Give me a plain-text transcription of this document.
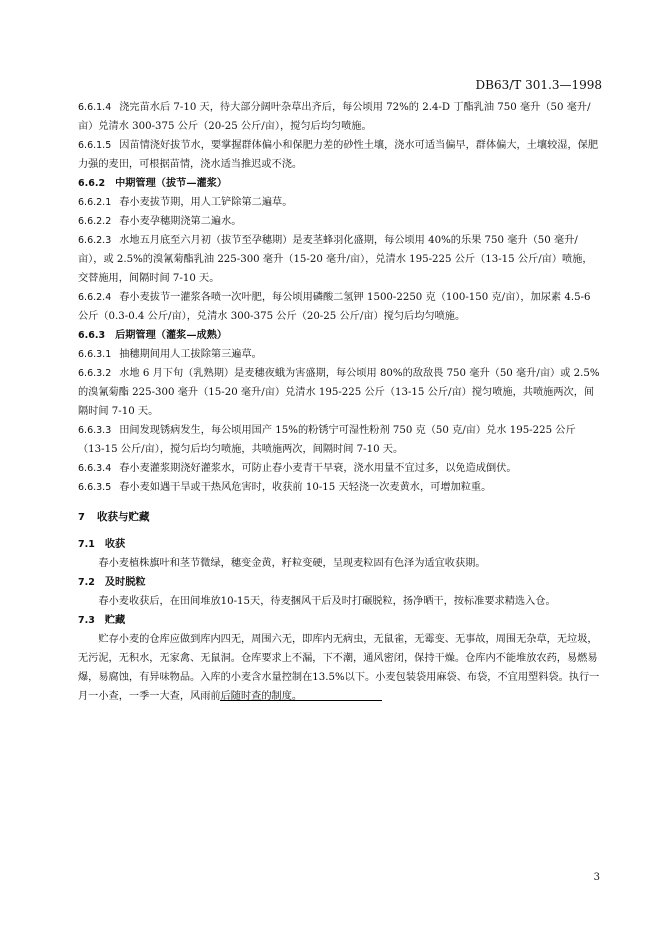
DB63/T 301.3—1998

6.6.1.4 浇完苗水后 7-10 天，待大部分阔叶杂草出齐后，每公顷用 72%的 2.4-D 丁酯乳油 750 毫升（50 毫升/亩）兑清水 300-375 公斤（20-25 公斤/亩），搅匀后均匀喷施。

6.6.1.5 因苗情浇好拔节水，要掌握群体偏小和保肥力差的砂性土壤，浇水可适当偏早，群体偏大，土壤较湿，保肥力强的麦田，可根据苗情，浇水适当推迟或不浇。

6.6.2 中期管理（拔节—灌浆）

6.6.2.1 春小麦拔节期，用人工铲除第二遍草。

6.6.2.2 春小麦孕穗期浇第二遍水。

6.6.2.3 水地五月底至六月初（拔节至孕穗期）是麦茎蜂羽化盛期，每公顷用 40%的乐果 750 毫升（50 毫升/亩），或 2.5%的溴氰菊酯乳油 225-300 毫升（15-20 毫升/亩），兑清水 195-225 公斤（13-15 公斤/亩）喷施，交替施用，间隔时间 7-10 天。

6.6.2.4 春小麦拔节一灌浆各喷一次叶肥，每公顷用磷酸二氢钾 1500-2250 克（100-150 克/亩），加尿素 4.5-6 公斤（0.3-0.4 公斤/亩），兑清水 300-375 公斤（20-25 公斤/亩）搅匀后均匀喷施。

6.6.3 后期管理（灌浆—成熟）

6.6.3.1 抽穗期间用人工拔除第三遍草。

6.6.3.2 水地 6 月下旬（乳熟期）是麦穗夜蛾为害盛期，每公顷用 80%的敌敌畏 750 毫升（50 毫升/亩）或 2.5%的溴氰菊酯 225-300 毫升（15-20 毫升/亩）兑清水 195-225 公斤（13-15 公斤/亩）搅匀喷施，共喷施两次，间隔时间 7-10 天。

6.6.3.3 田间发现锈病发生，每公顷用国产 15%的粉锈宁可湿性粉剂 750 克（50 克/亩）兑水 195-225 公斤（13-15 公斤/亩），搅匀后均匀喷施，共喷施两次，间隔时间 7-10 天。

6.6.3.4 春小麦灌浆期浇好灌浆水，可防止春小麦青干早衰，浇水用量不宜过多，以免造成倒伏。

6.6.3.5 春小麦如遇干旱或干热风危害时，收获前 10-15 天轻浇一次麦黄水，可增加粒重。

7 收获与贮藏

7.1 收获

春小麦植株旗叶和茎节微绿，穗变金黄，籽粒变硬，呈现麦粒固有色泽为适宜收获期。

7.2 及时脱粒

春小麦收获后，在田间堆放10-15天，待麦捆风干后及时打碾脱粒，扬净晒干，按标准要求精选入仓。

7.3 贮藏

贮存小麦的仓库应做到库内四无，周围六无，即库内无病虫，无鼠雀，无霉变、无事故，周围无杂草，无垃圾，无污泥，无积水，无家禽、无鼠洞。仓库要求上不漏，下不潮，通风密闭，保持干燥。仓库内不能堆放农药，易燃易爆，易腐蚀，有异味物品。入库的小麦含水量控制在13.5%以下。小麦包装袋用麻袋、布袋，不宜用塑料袋。执行一月一小查，一季一大查，风雨前后随时查的制度。

3
